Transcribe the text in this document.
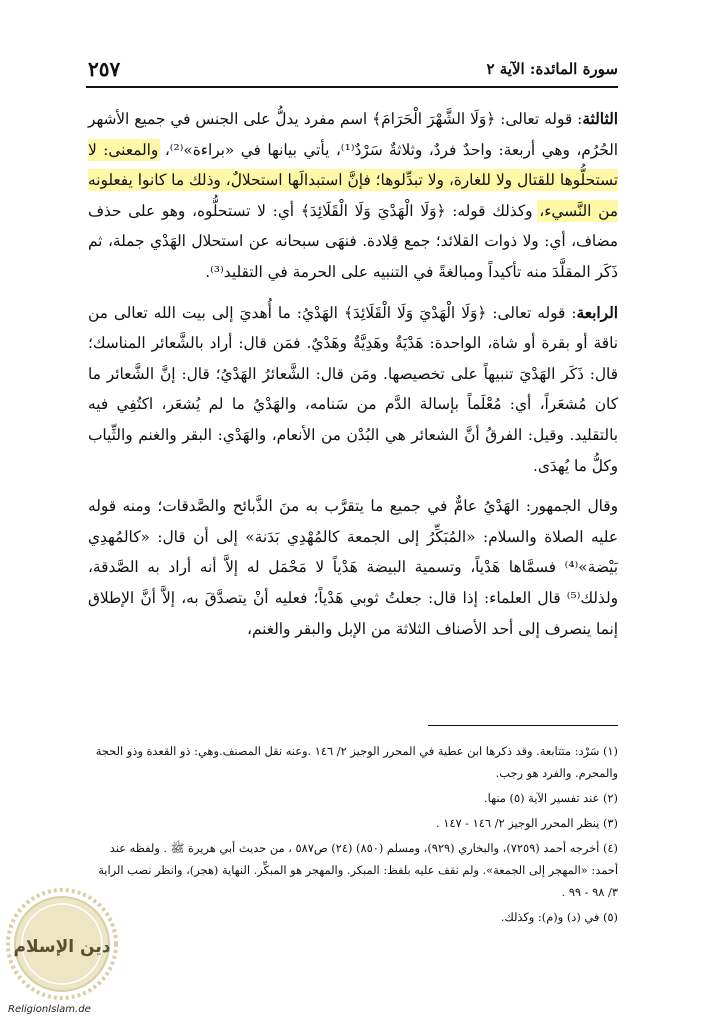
٢٥٧	سورة المائدة: الآية ٢

الثالثة: قوله تعالى: ﴿وَلَا الشَّهْرَ الْحَرَامَ﴾ اسم مفرد يدلُّ على الجنس في جميع الأشهر الحُرُم، وهي أربعة: واحدٌ فردٌ، وثلاثةٌ سَرْدٌ⁽¹⁾، يأتي بيانها في «براءة»⁽²⁾، والمعنى: لا تستحلُّوها للقتال ولا للغارة، ولا تبدِّلوها؛ فإنَّ استبدالَها استحلالٌ، وذلك ما كانوا يفعلونه من النَّسيء، وكذلك قوله: ﴿وَلَا الْهَدْيَ وَلَا الْقَلَائِدَ﴾ أي: لا تستحلُّوه، وهو على حذف مضاف، أي: ولا ذوات القلائد؛ جمع قِلادة. فنهَى سبحانه عن استحلال الهَدْي جملة، ثم ذَكَر المقلَّدَ منه تأكيداً ومبالغةً في التنبيه على الحرمة في التقليد⁽³⁾.

الرابعة: قوله تعالى: ﴿وَلَا الْهَدْيَ وَلَا الْقَلَائِدَ﴾ الهَدْيُ: ما أُهديَ إلى بيت الله تعالى من ناقة أو بقرة أو شاة، الواحدة: هَدْيَةٌ وهَدِيَّةٌ وهَدْيٌ. فمَن قال: أراد بالشَّعائر المناسك؛ قال: ذَكَر الهَدْيَ تنبيهاً على تخصيصها. ومَن قال: الشَّعائرُ الهَدْيُ؛ قال: إنَّ الشَّعائر ما كان مُشعَراً، أي: مُعْلَماً بإسالة الدَّم من سَنامه، والهَدْيُ ما لم يُشعَر، اكتُفِي فيه بالتقليد. وقيل: الفرقُ أنَّ الشعائر هي البُدْن من الأنعام، والهَدْي: البقر والغنم والثِّياب وكلُّ ما يُهدَى.

وقال الجمهور: الهَدْيُ عامٌّ في جميع ما يتقرَّب به منَ الذَّبائح والصَّدقات؛ ومنه قوله عليه الصلاة والسلام: «المُبَكِّرُ إلى الجمعة كالمُهْدِي بَدَنة» إلى أن قال: «كالمُهدِي بَيْضة»⁽⁴⁾ فسمَّاها هَدْياً، وتسمية البيضة هَدْياً لا مَحْمَل له إلاَّ أنه أراد به الصَّدقة، ولذلك⁽⁵⁾ قال العلماء: إذا قال: جعلتُ ثوبي هَدْياً؛ فعليه أنْ يتصدَّقَ به، إلاَّ أنَّ الإطلاق إنما ينصرف إلى أحد الأصناف الثلاثة من الإبل والبقر والغنم،

(١) سَرْد: متتابعة. وقد ذكرها ابن عطية في المحرر الوجيز ٢/ ١٤٦ .وعنه نقل المصنف.وهي: ذو القعدة وذو الحجة والمحرم. والفرد هو رجب.

(٢) عند تفسير الآية (٥) منها.

(٣) ينظر المحرر الوجيز ٢/ ١٤٦ - ١٤٧ .

(٤) أخرجه أحمد (٧٢٥٩)، والبخاري (٩٢٩)، ومسلم (٨٥٠) (٢٤) ص٥٨٧ ، من حديث أبي هريرة ﷺ . ولفظه عند أحمد: «المهجر إلى الجمعة». ولم نقف عليه بلفظ: المبكر. والمهجر هو المبكِّر. النهاية (هجر)، وانظر نصب الراية ٣/ ٩٨ - ٩٩ .

(٥) في (د) و(م): وكذلك.

دين الإسلام
ReligionIslam.de
